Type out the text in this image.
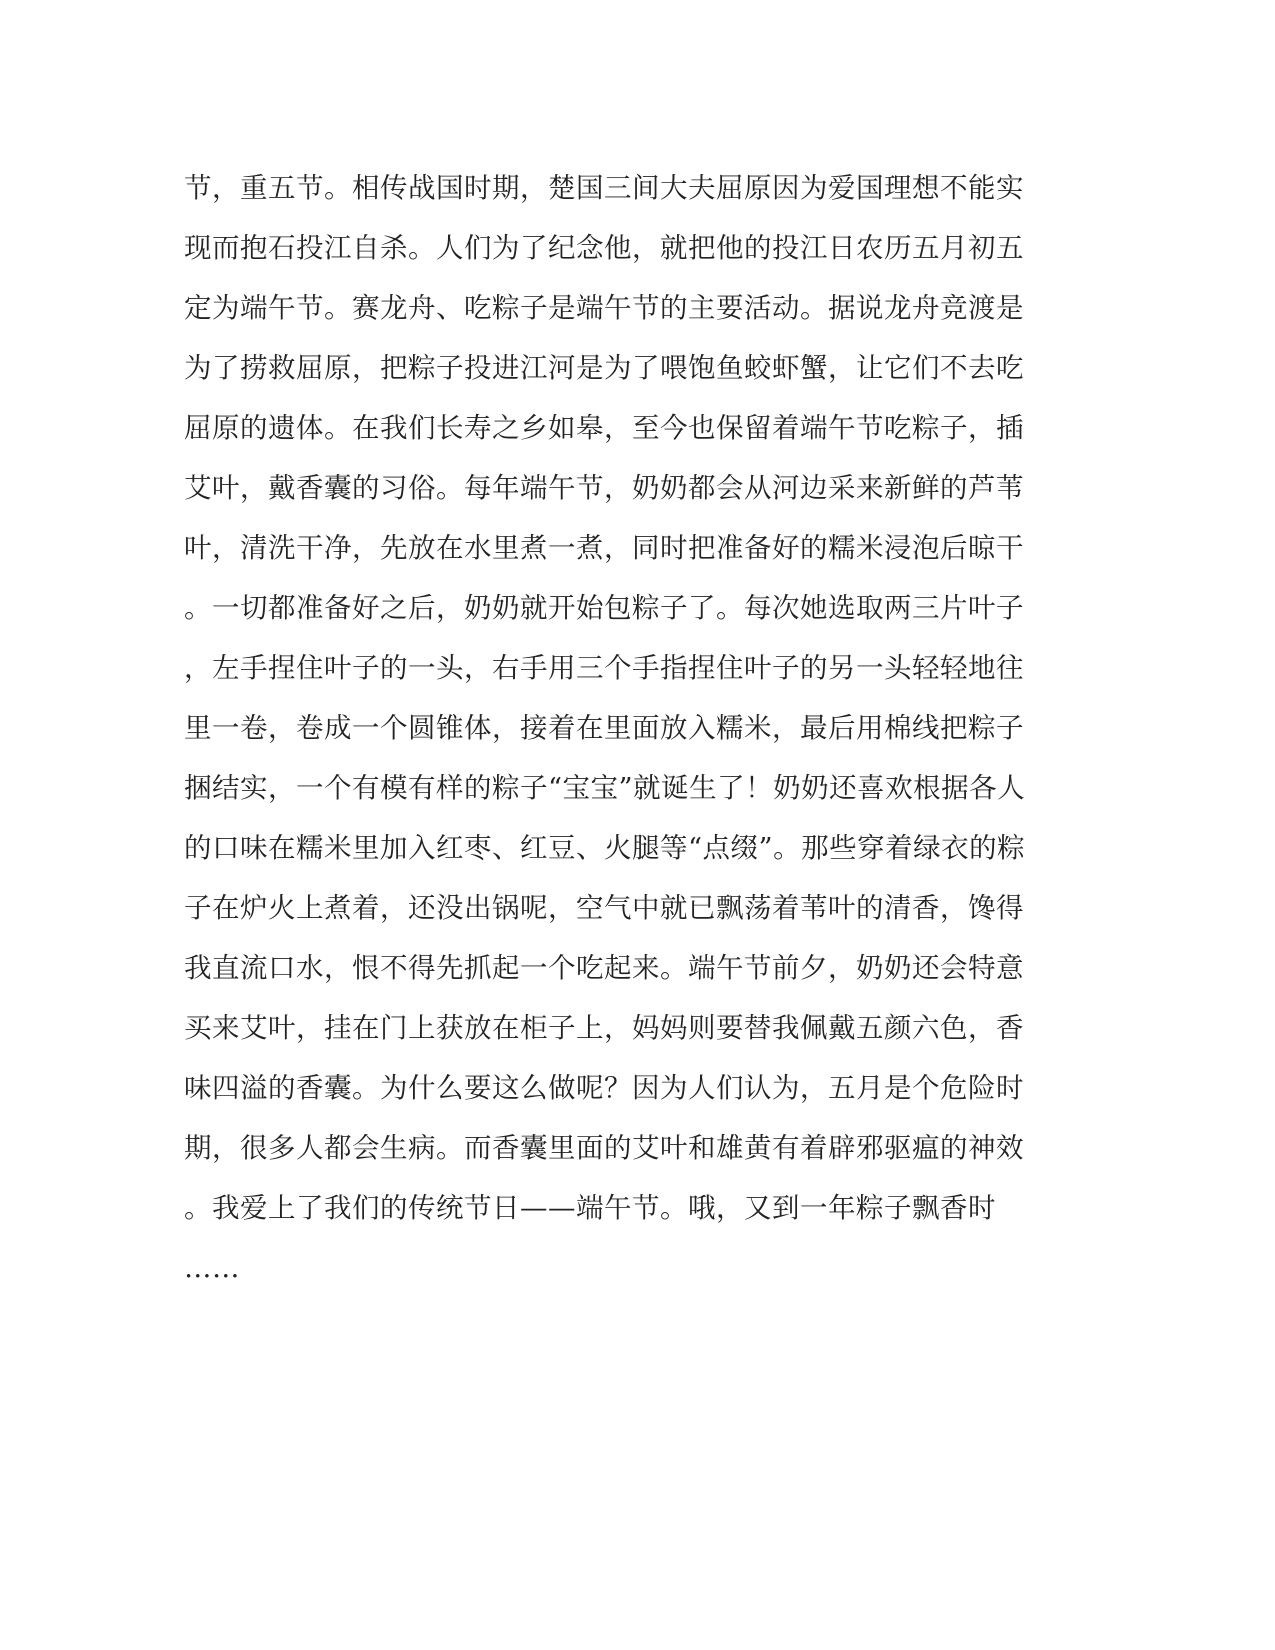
节，重五节。相传战国时期，楚国三间大夫屈原因为爱国理想不能实
现而抱石投江自杀。人们为了纪念他，就把他的投江日农历五月初五
定为端午节。赛龙舟、吃粽子是端午节的主要活动。据说龙舟竞渡是
为了捞救屈原，把粽子投进江河是为了喂饱鱼蛟虾蟹，让它们不去吃
屈原的遗体。在我们长寿之乡如皋，至今也保留着端午节吃粽子，插
艾叶，戴香囊的习俗。每年端午节，奶奶都会从河边采来新鲜的芦苇
叶，清洗干净，先放在水里煮一煮，同时把准备好的糯米浸泡后晾干
。一切都准备好之后，奶奶就开始包粽子了。每次她选取两三片叶子
，左手捏住叶子的一头，右手用三个手指捏住叶子的另一头轻轻地往
里一卷，卷成一个圆锥体，接着在里面放入糯米，最后用棉线把粽子
捆结实，一个有模有样的粽子“宝宝”就诞生了！奶奶还喜欢根据各人
的口味在糯米里加入红枣、红豆、火腿等“点缀”。那些穿着绿衣的粽
子在炉火上煮着，还没出锅呢，空气中就已飘荡着苇叶的清香，馋得
我直流口水，恨不得先抓起一个吃起来。端午节前夕，奶奶还会特意
买来艾叶，挂在门上获放在柜子上，妈妈则要替我佩戴五颜六色，香
味四溢的香囊。为什么要这么做呢？因为人们认为，五月是个危险时
期，很多人都会生病。而香囊里面的艾叶和雄黄有着辟邪驱瘟的神效
。我爱上了我们的传统节日——端午节。哦，又到一年粽子飘香时
……
